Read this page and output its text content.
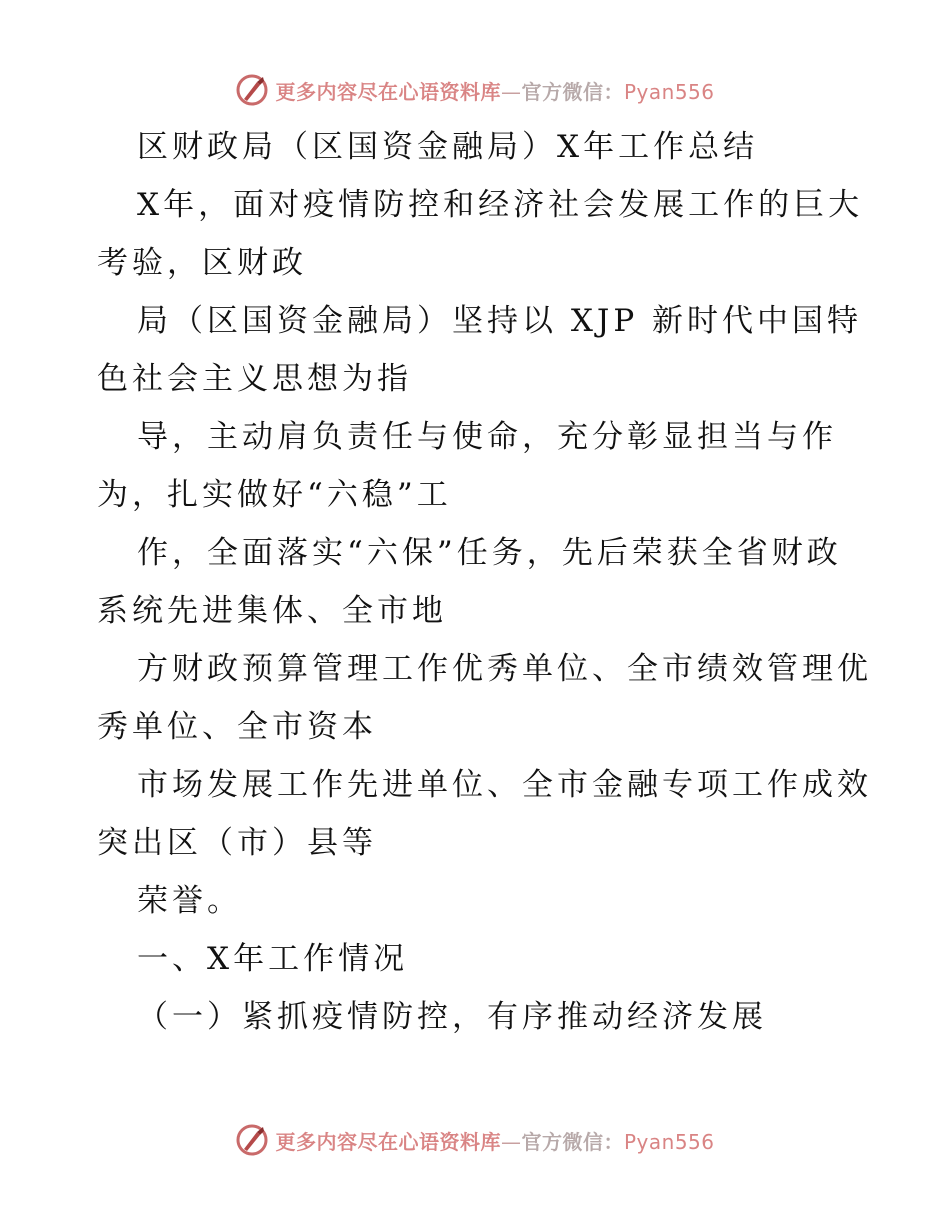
更多内容尽在心语资料库—官方微信：Pyan556

区财政局（区国资金融局）X年工作总结

X年，面对疫情防控和经济社会发展工作的巨大

考验，区财政

局（区国资金融局）坚持以 XJP 新时代中国特

色社会主义思想为指

导，主动肩负责任与使命，充分彰显担当与作

为，扎实做好“六稳”工

作，全面落实“六保”任务，先后荣获全省财政

系统先进集体、全市地

方财政预算管理工作优秀单位、全市绩效管理优

秀单位、全市资本

市场发展工作先进单位、全市金融专项工作成效

突出区（市）县等

荣誉。

一、X年工作情况

（一）紧抓疫情防控，有序推动经济发展

更多内容尽在心语资料库—官方微信：Pyan556
